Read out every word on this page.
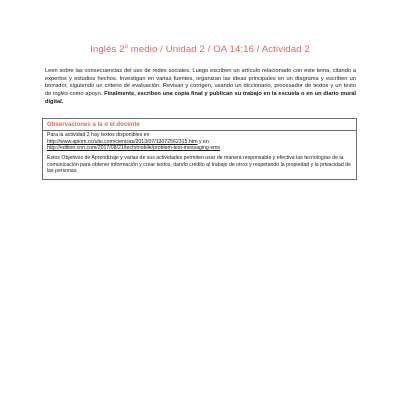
Inglés 2$^o$ medio / Unidad 2 / OA 14;16 / Actividad 2

Leen sobre las consecuencias del uso de redes sociales. Luego escriben un artículo relacionado con este tema, citando a expertos y estudios hechos. Investigan en varias fuentes, organizan las ideas principales en un diagrama y escriben un borrador, siguiendo un criterio de evaluación. Revisan y corrigen, usando un diccionario, procesador de textos y un texto de inglés como apoyo. Finalmente, escriben una copia final y publican su trabajo en la escuela o en un diario mural digital.

Observaciones a la o el docente

Para la actividad 2 hay textos disponibles en
http://www.apiom.cc/uliu.com/ciencias/2013/07/13072562315.htm y en
http://edition.cnn.com/2017/08/21/tech/mobile/problem-text-messaging-sms

Estos Objetivos de Aprendizaje y varias de sus actividades permiten usar de manera responsable y efectiva las tecnologías de la comunicación para obtener información y crear textos, dando crédito al trabajo de otros y respetando la propiedad y la privacidad de las personas.
